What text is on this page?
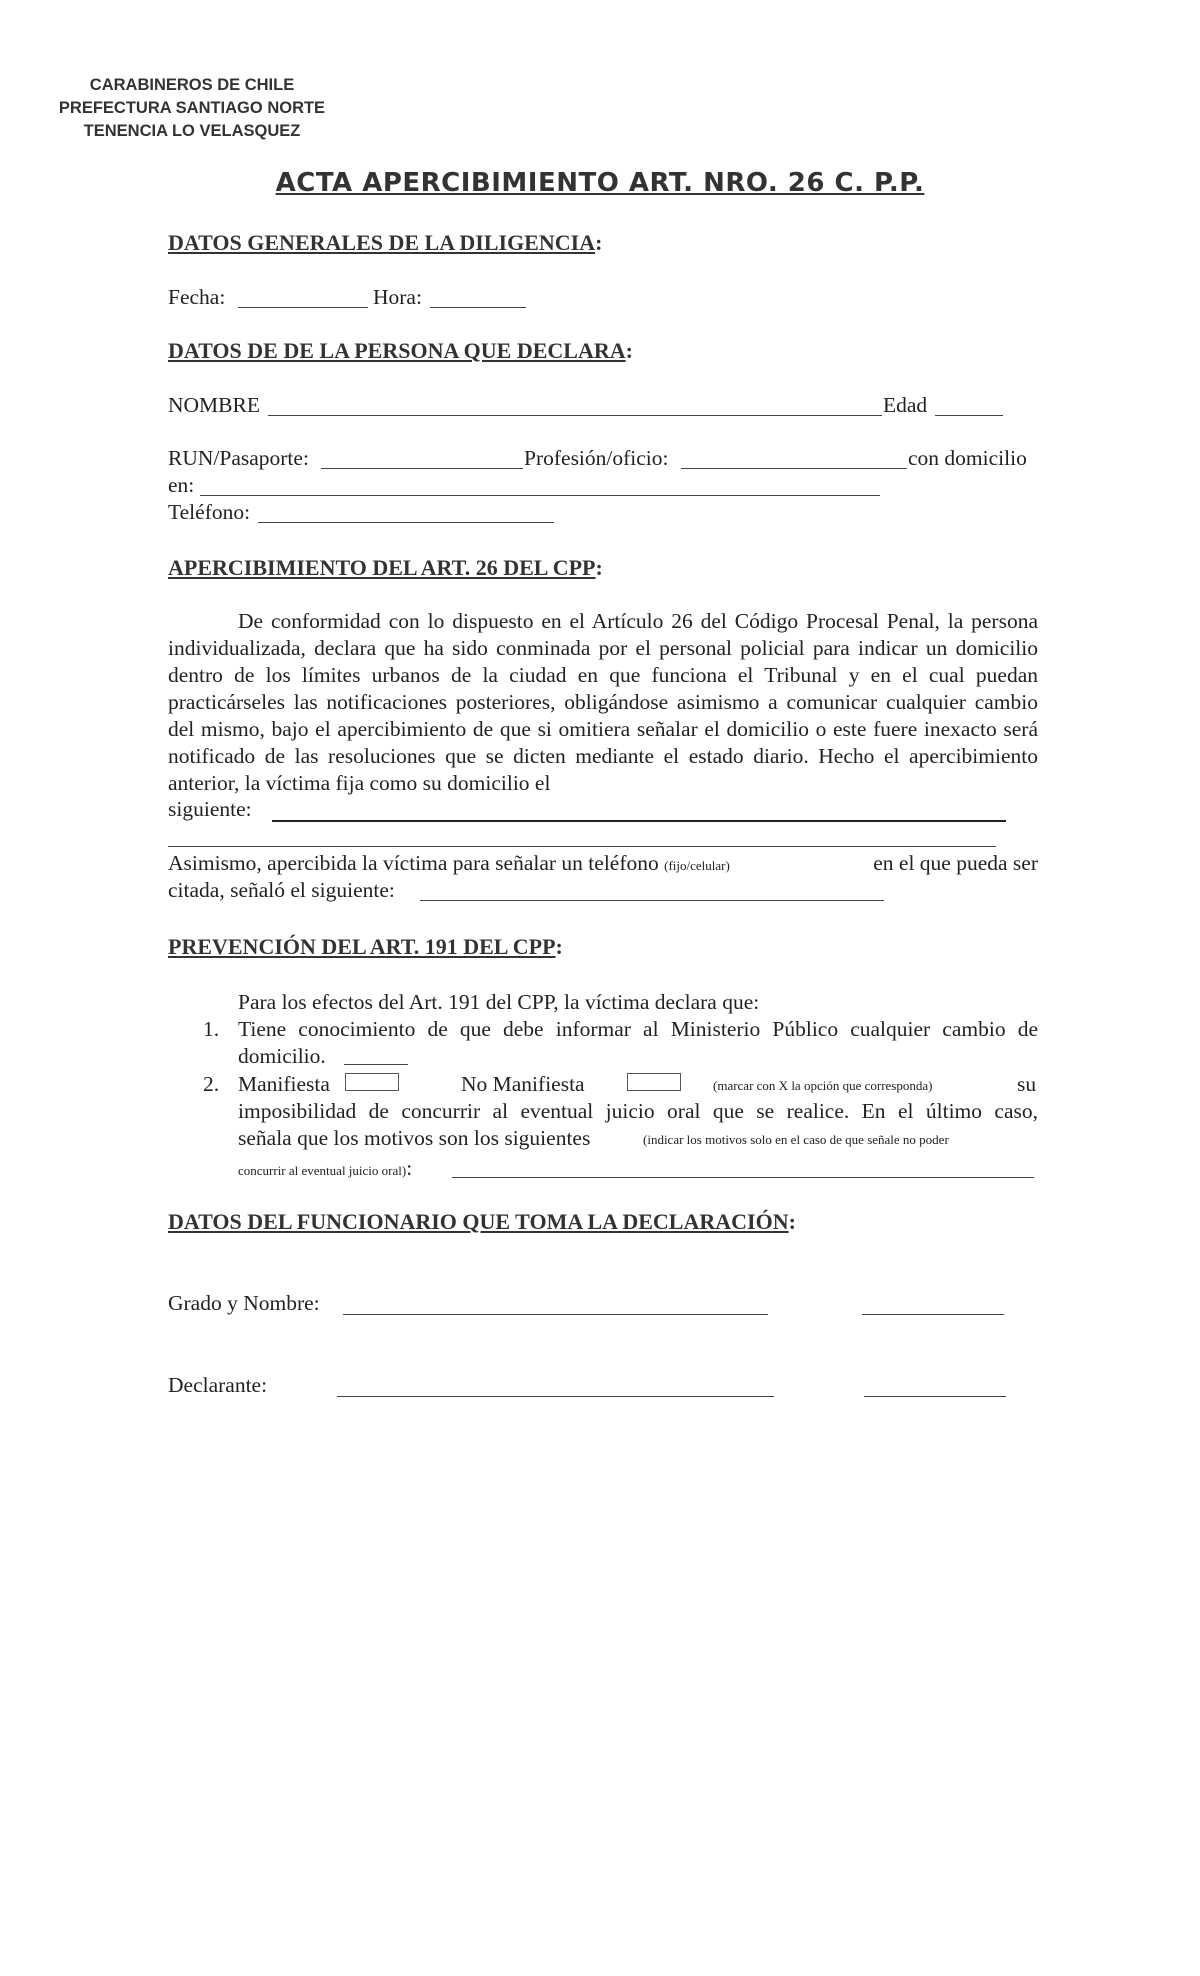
CARABINEROS DE CHILE
PREFECTURA SANTIAGO NORTE
TENENCIA LO VELASQUEZ
ACTA APERCIBIMIENTO ART. NRO. 26 C. P.P.
DATOS GENERALES DE LA DILIGENCIA:
Fecha:	Hora:
DATOS DE DE LA PERSONA QUE DECLARA:
NOMBRE	Edad
RUN/Pasaporte:	Profesión/oficio:	con domicilio
en:
Teléfono:
APERCIBIMIENTO DEL ART. 26 DEL CPP:
De conformidad con lo dispuesto en el Artículo 26 del Código Procesal Penal, la persona individualizada, declara que ha sido conminada por el personal policial para indicar un domicilio dentro de los límites urbanos de la ciudad en que funciona el Tribunal y en el cual puedan practicárseles las notificaciones posteriores, obligándose asimismo a comunicar cualquier cambio del mismo, bajo el apercibimiento de que si omitiera señalar el domicilio o este fuere inexacto será notificado de las resoluciones que se dicten mediante el estado diario. Hecho el apercibimiento anterior, la víctima fija como su domicilio el
siguiente:
Asimismo, apercibida la víctima para señalar un teléfono (fijo/celular)	en el que pueda ser
citada, señaló el siguiente:
PREVENCIÓN DEL ART. 191 DEL CPP:
Para los efectos del Art. 191 del CPP, la víctima declara que:
1. Tiene conocimiento de que debe informar al Ministerio Público cualquier cambio de
domicilio.
2. Manifiesta	No Manifiesta	(marcar con X la opción que corresponda)	su
imposibilidad de concurrir al eventual juicio oral que se realice. En el último caso,
señala que los motivos son los siguientes	(indicar los motivos solo en el caso de que señale no poder
concurrir al eventual juicio oral):
DATOS DEL FUNCIONARIO QUE TOMA LA DECLARACIÓN:
Grado y Nombre:
Declarante:
